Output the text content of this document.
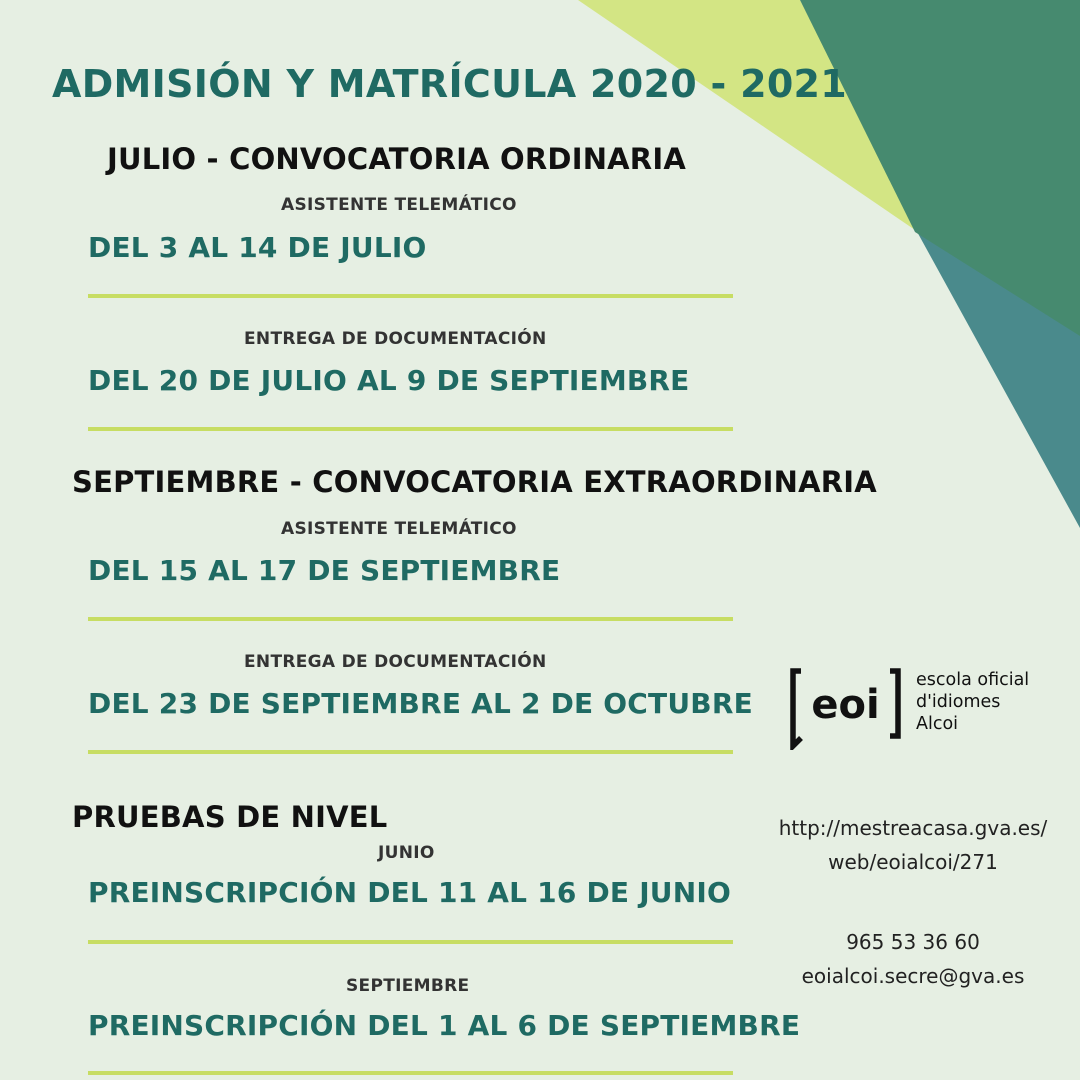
ADMISIÓN Y MATRÍCULA 2020 - 2021
JULIO - CONVOCATORIA ORDINARIA
ASISTENTE TELEMÁTICO
DEL 3 AL 14 DE JULIO
ENTREGA DE DOCUMENTACIÓN
DEL 20 DE JULIO AL 9 DE SEPTIEMBRE
SEPTIEMBRE - CONVOCATORIA EXTRAORDINARIA
ASISTENTE TELEMÁTICO
DEL 15 AL 17 DE SEPTIEMBRE
ENTREGA DE DOCUMENTACIÓN
DEL 23 DE SEPTIEMBRE AL 2 DE OCTUBRE
PRUEBAS DE NIVEL
JUNIO
PREINSCRIPCIÓN DEL 11 AL 16 DE JUNIO
SEPTIEMBRE
PREINSCRIPCIÓN DEL 1 AL 6 DE SEPTIEMBRE
eoi
escola oficial
d'idiomes
Alcoi
http://mestreacasa.gva.es/
web/eoialcoi/271
965 53 36 60
eoialcoi.secre@gva.es
